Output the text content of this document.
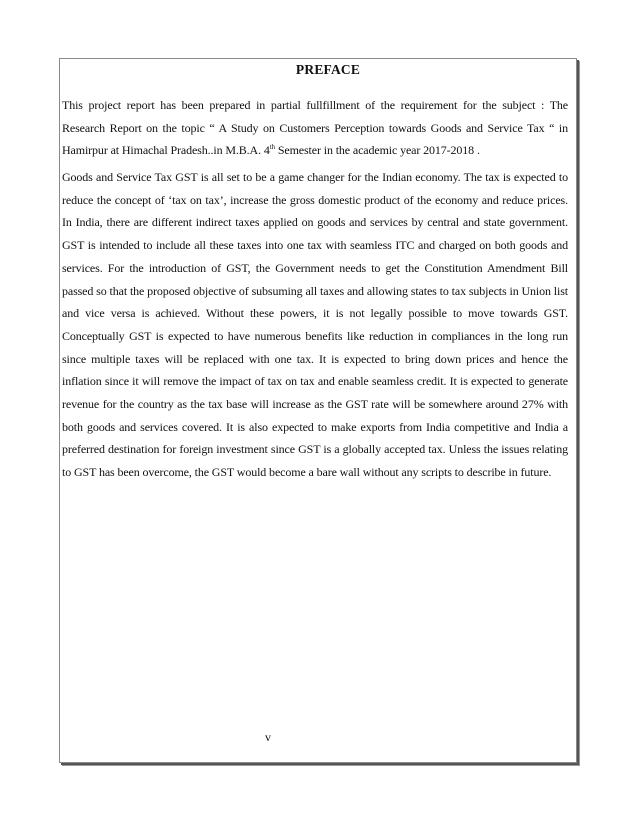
PREFACE

This project report has been prepared in partial fullfillment of the requirement for the subject : The Research Report on the topic “ A Study on Customers Perception towards Goods and Service Tax “ in Hamirpur at Himachal Pradesh..in M.B.A. 4th Semester in the academic year 2017-2018 .

Goods and Service Tax GST is all set to be a game changer for the Indian economy. The tax is expected to reduce the concept of ‘tax on tax’, increase the gross domestic product of the economy and reduce prices. In India, there are different indirect taxes applied on goods and services by central and state government. GST is intended to include all these taxes into one tax with seamless ITC and charged on both goods and services. For the introduction of GST, the Government needs to get the Constitution Amendment Bill passed so that the proposed objective of subsuming all taxes and allowing states to tax subjects in Union list and vice versa is achieved. Without these powers, it is not legally possible to move towards GST. Conceptually GST is expected to have numerous benefits like reduction in compliances in the long run since multiple taxes will be replaced with one tax. It is expected to bring down prices and hence the inflation since it will remove the impact of tax on tax and enable seamless credit. It is expected to generate revenue for the country as the tax base will increase as the GST rate will be somewhere around 27% with both goods and services covered. It is also expected to make exports from India competitive and India a preferred destination for foreign investment since GST is a globally accepted tax. Unless the issues relating to GST has been overcome, the GST would become a bare wall without any scripts to describe in future.

v
